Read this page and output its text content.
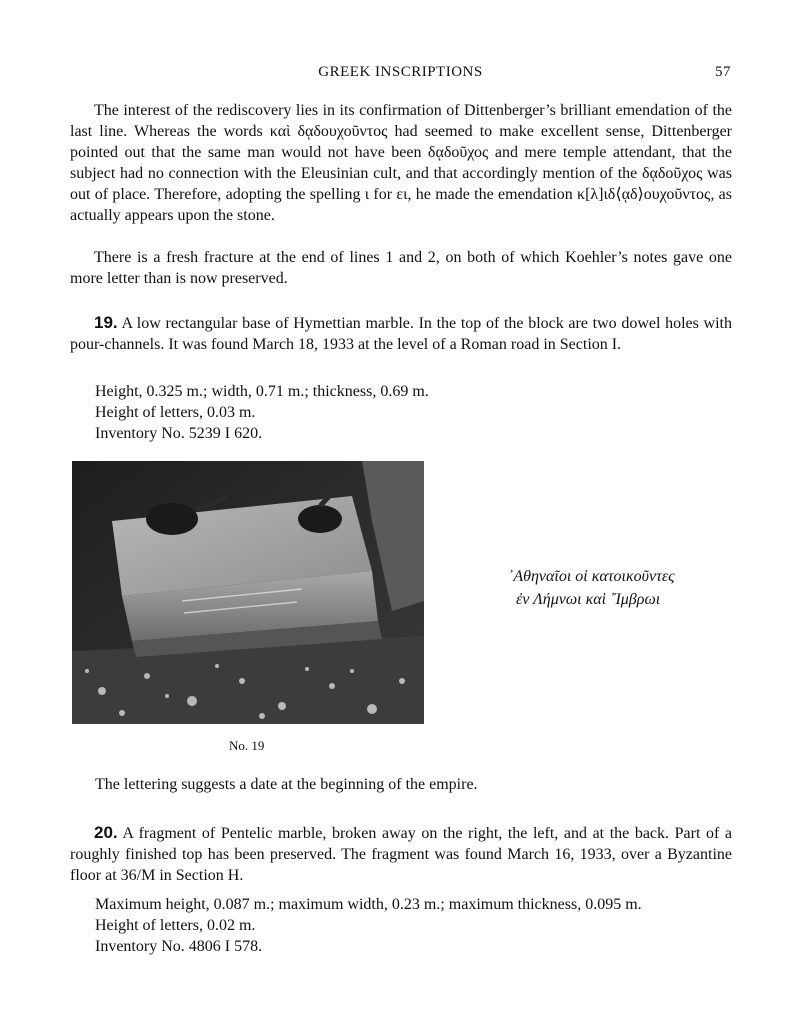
GREEK INSCRIPTIONS	57
The interest of the rediscovery lies in its confirmation of Dittenberger’s brilliant emendation of the last line. Whereas the words καὶ δᾳδουχοῦντος had seemed to make excellent sense, Dittenberger pointed out that the same man would not have been δᾳδοῦχος and mere temple attendant, that the subject had no connection with the Eleusinian cult, and that accordingly mention of the δᾳδοῦχος was out of place. Therefore, adopting the spelling ι for ει, he made the emendation κ[λ]ιδ⟨ᾳδ⟩ουχοῦντος, as actually appears upon the stone.
There is a fresh fracture at the end of lines 1 and 2, on both of which Koehler’s notes gave one more letter than is now preserved.
19. A low rectangular base of Hymettian marble. In the top of the block are two dowel holes with pour-channels. It was found March 18, 1933 at the level of a Roman road in Section Ι.
Height, 0.325 m.; width, 0.71 m.; thickness, 0.69 m.
Height of letters, 0.03 m.
Inventory No. 5239 I 620.
No. 19
᾿Αθηναῖοι οἱ κατοικοῦντες
ἐν Λήμνωι καὶ ῎Ιμβρωι
The lettering suggests a date at the beginning of the empire.
20. A fragment of Pentelic marble, broken away on the right, the left, and at the back. Part of a roughly finished top has been preserved. The fragment was found March 16, 1933, over a Byzantine floor at 36/M in Section Η.
Maximum height, 0.087 m.; maximum width, 0.23 m.; maximum thickness, 0.095 m.
Height of letters, 0.02 m.
Inventory No. 4806 I 578.
